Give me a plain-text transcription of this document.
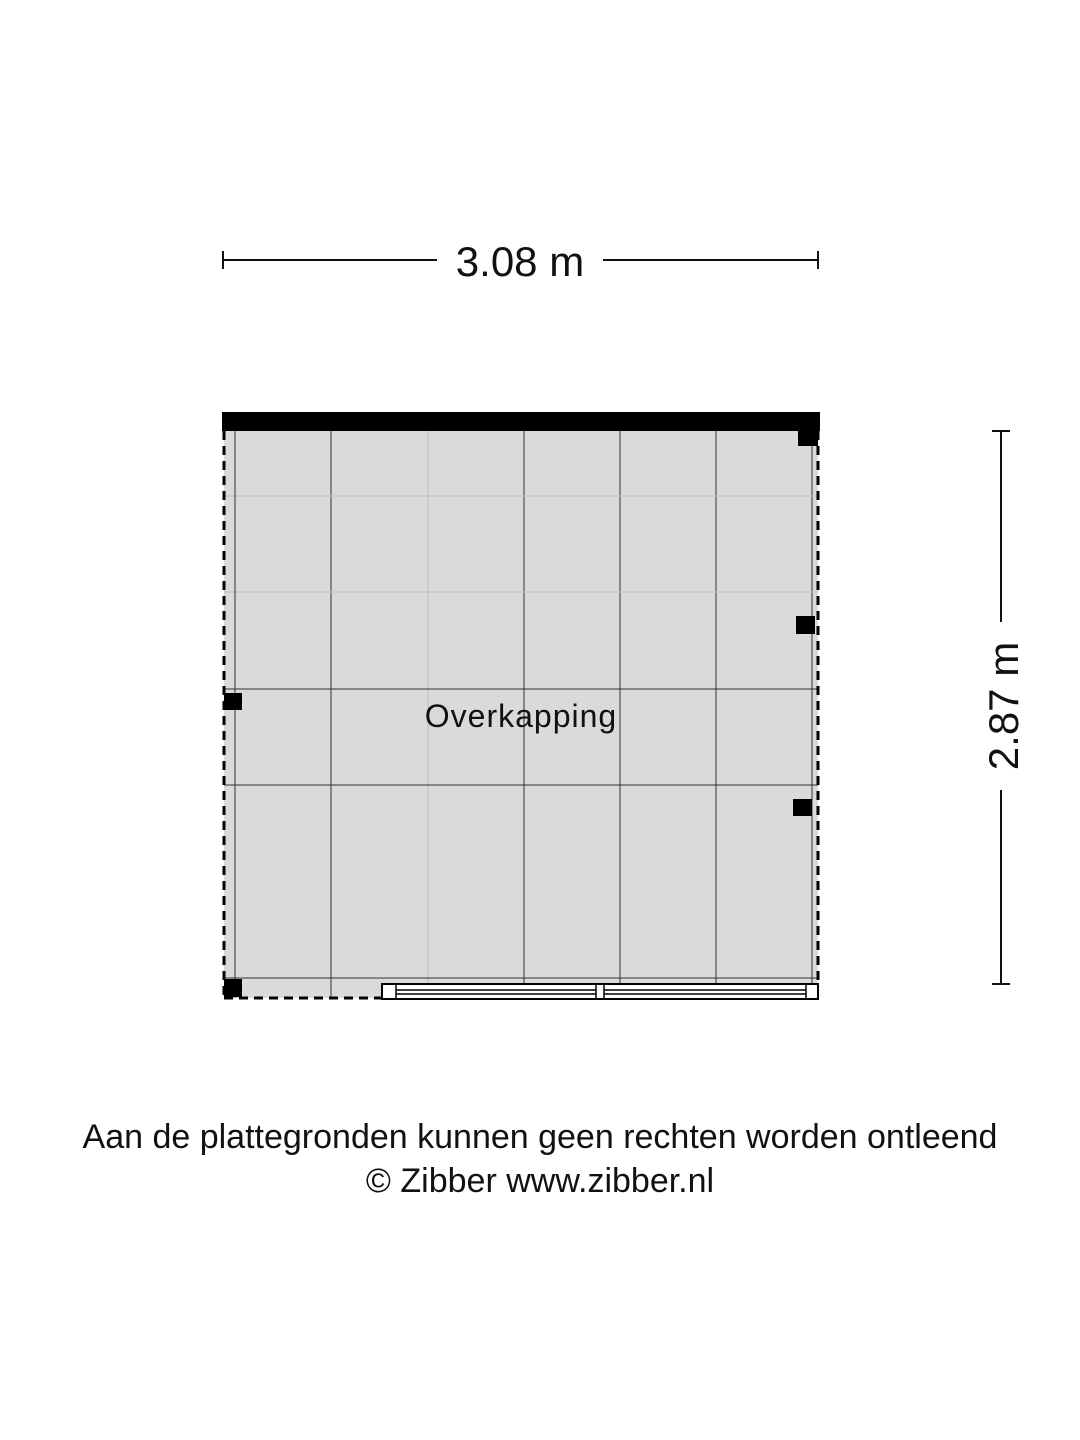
3.08 m
2.87 m
Overkapping
Aan de plattegronden kunnen geen rechten worden ontleend
© Zibber www.zibber.nl
